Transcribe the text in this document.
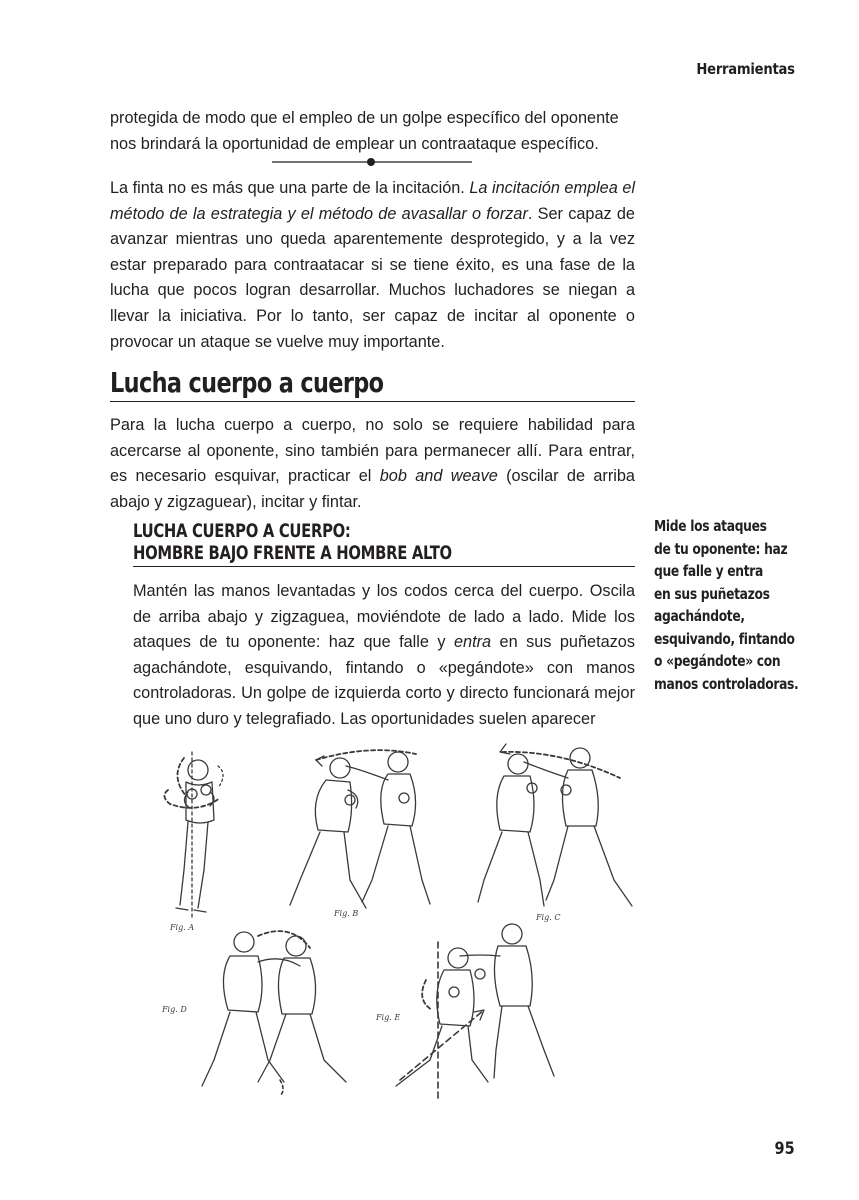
Herramientas

protegida de modo que el empleo de un golpe específico del oponente
nos brindará la oportunidad de emplear un contraataque específico.

La finta no es más que una parte de la incitación. La incitación emplea el método de la estrategia y el método de avasallar o forzar. Ser capaz de avanzar mientras uno queda aparentemente desprotegido, y a la vez estar preparado para contraatacar si se tiene éxito, es una fase de la lucha que pocos logran desarrollar. Muchos luchadores se niegan a llevar la iniciativa. Por lo tanto, ser capaz de incitar al oponente o provocar un ataque se vuelve muy importante.

Lucha cuerpo a cuerpo

Para la lucha cuerpo a cuerpo, no solo se requiere habilidad para acercarse al oponente, sino también para permanecer allí. Para entrar, es necesario esquivar, practicar el bob and weave (oscilar de arriba abajo y zigzaguear), incitar y fintar.

LUCHA CUERPO A CUERPO:
HOMBRE BAJO FRENTE A HOMBRE ALTO
Mide los ataques
de tu oponente: haz
que falle y entra
en sus puñetazos
agachándote,
esquivando, fintando
o «pegándote» con
manos controladoras.

Mantén las manos levantadas y los codos cerca del cuerpo. Oscila de arriba abajo y zigzaguea, moviéndote de lado a lado. Mide los ataques de tu oponente: haz que falle y entra en sus puñetazos agachándote, esquivando, fintando o «pegándote» con manos controladoras. Un golpe de izquierda corto y directo funcionará mejor que uno duro y telegrafiado. Las oportunidades suelen aparecer

Fig. A
Fig. B	Fig. C
Fig. D
Fig. E
95
